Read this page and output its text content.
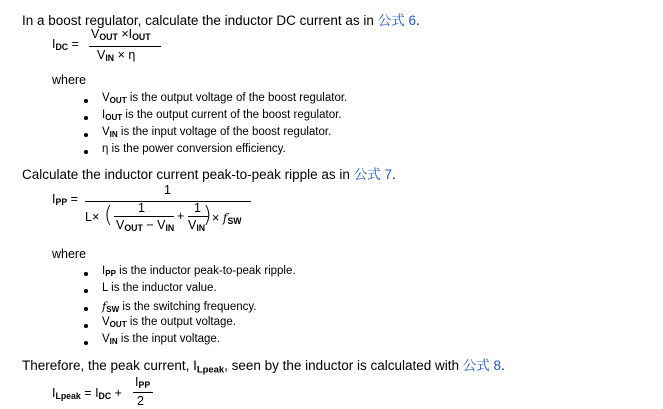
In a boost regulator, calculate the inductor DC current as in 公式 6.
$I_{DC}$ =
$V_{OUT} \times I_{OUT}$
$V_{IN} \times \eta$
where
$V_{OUT}$ is the output voltage of the boost regulator.
$I_{OUT}$ is the output current of the boost regulator.
$V_{IN}$ is the input voltage of the boost regulator.
η is the power conversion efficiency.
Calculate the inductor current peak-to-peak ripple as in 公式 7.
$I_{PP}$ =
1
L× ( 1
$V_{OUT} - V_{IN}$
+
1
$V_{IN}$
) × $f_{SW}$
where
$I_{PP}$ is the inductor peak-to-peak ripple.
L is the inductor value.
$f_{SW}$ is the switching frequency.
$V_{OUT}$ is the output voltage.
$V_{IN}$ is the input voltage.
Therefore, the peak current, $I_{Lpeak}$, seen by the inductor is calculated with 公式 8.
$I_{Lpeak} = I_{DC}$ +
$I_{PP}$
2
